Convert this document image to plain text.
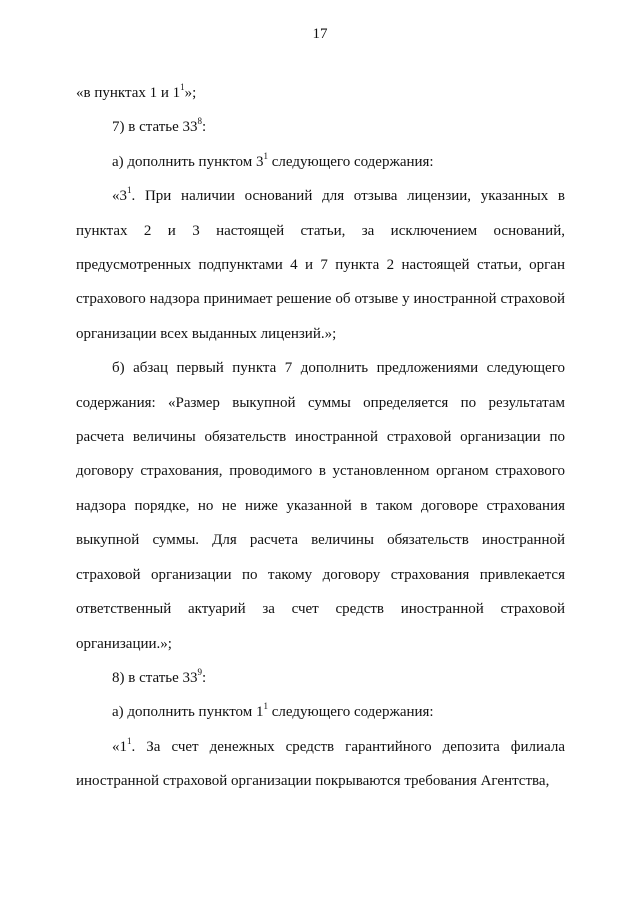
17

«в пунктах 1 и $1^1$»;

7) в статье $33^8$:

а) дополнить пунктом $3^1$ следующего содержания:

«$3^1$. При наличии оснований для отзыва лицензии, указанных в пунктах 2 и 3 настоящей статьи, за исключением оснований, предусмотренных подпунктами 4 и 7 пункта 2 настоящей статьи, орган страхового надзора принимает решение об отзыве у иностранной страховой организации всех выданных лицензий.»;

б) абзац первый пункта 7 дополнить предложениями следующего содержания: «Размер выкупной суммы определяется по результатам расчета величины обязательств иностранной страховой организации по договору страхования, проводимого в установленном органом страхового надзора порядке, но не ниже указанной в таком договоре страхования выкупной суммы. Для расчета величины обязательств иностранной страховой организации по такому договору страхования привлекается ответственный актуарий за счет средств иностранной страховой организации.»;

8) в статье $33^9$:

а) дополнить пунктом $1^1$ следующего содержания:

«$1^1$. За счет денежных средств гарантийного депозита филиала иностранной страховой организации покрываются требования Агентства,
